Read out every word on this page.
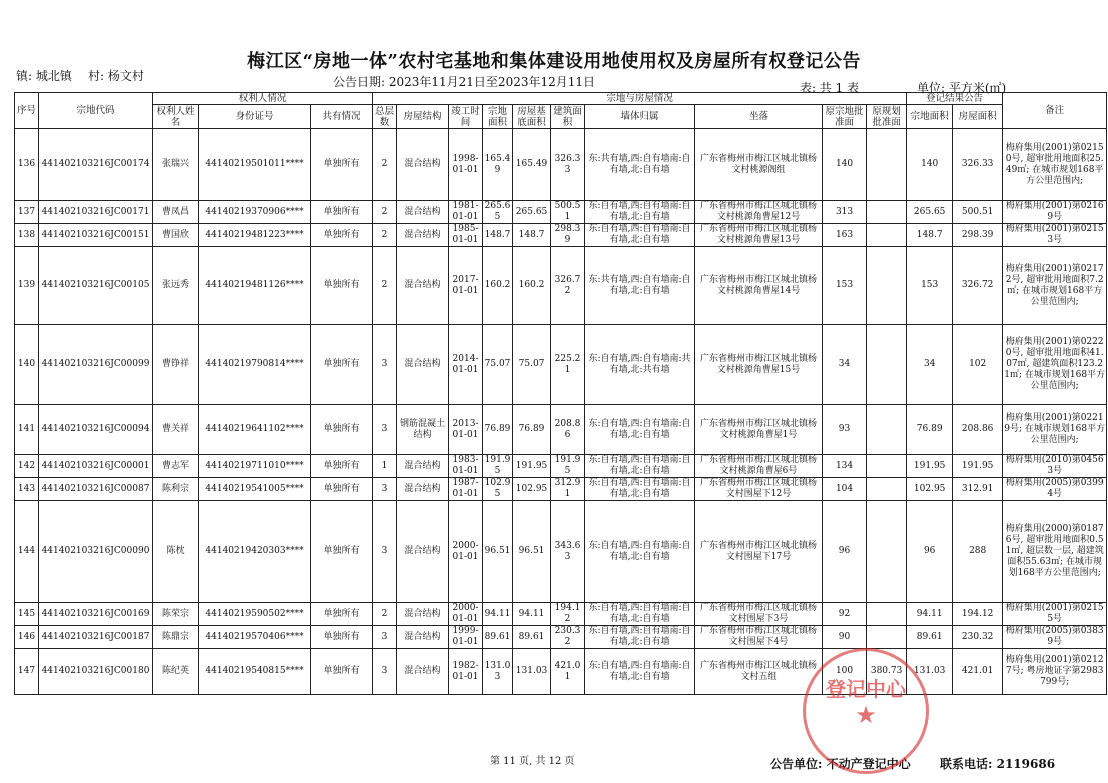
梅江区“房地一体”农村宅基地和集体建设用地使用权及房屋所有权登记公告
镇: 城北镇 村: 杨文村	公告日期: 2023年11月21日至2023年12月11日	表: 共 1 表	单位: 平方米(㎡)
序号	宗地代码	权利人情况			宗地与房屋情况										登记结果公告		备注
		权利人姓名	身份证号	共有情况	总层数	房屋结构	竣工时间	宗地面积	房屋基底面积	建筑面积	墙体归属	坐落	原宗地批准面	原规划批准面	宗地面积	房屋面积	
136	441402103216JC00174	张瑞兴	44140219501011****	单独所有	2	混合结构	1998-01-01	165.49	165.49	326.33	东:共有墙,西:自有墙南:自有墙,北:自有墙	广东省梅州市梅江区城北镇杨文村桃源阁组	140		140	326.33	梅府集用(2001)第02150号, 超审批用地面积25.49㎡; 在城市规划168平方公里范围内;
137	441402103216JC00171	曹凤昌	44140219370906****	单独所有	2	混合结构	1981-01-01	265.65	265.65	500.51	东:自有墙,西:自有墙南:自有墙,北:自有墙	广东省梅州市梅江区城北镇杨文村桃源角曹屋12号	313		265.65	500.51	梅府集用(2001)第02169号
138	441402103216JC00151	曹国欣	44140219481223****	单独所有	2	混合结构	1985-01-01	148.7	148.7	298.39	东:自有墙,西:自有墙南:自有墙,北:自有墙	广东省梅州市梅江区城北镇杨文村桃源角曹屋13号	163		148.7	298.39	梅府集用(2001)第02153号
139	441402103216JC00105	张远秀	44140219481126****	单独所有	2	混合结构	2017-01-01	160.2	160.2	326.72	东:共有墙,西:自有墙南:自有墙,北:自有墙	广东省梅州市梅江区城北镇杨文村桃源角曹屋14号	153		153	326.72	梅府集用(2001)第02172号, 超审批用地面积7.2㎡; 在城市规划168平方公里范围内;
140	441402103216JC00099	曹铮祥	44140219790814****	单独所有	3	混合结构	2014-01-01	75.07	75.07	225.21	东:自有墙,西:自有墙南:共有墙,北:共有墙	广东省梅州市梅江区城北镇杨文村桃源角曹屋15号	34		34	102	梅府集用(2001)第02220号, 超审批用地面积41.07㎡, 超建筑面积123.21㎡; 在城市规划168平方公里范围内;
141	441402103216JC00094	曹关祥	44140219641102****	单独所有	3	钢筋混凝土结构	2013-01-01	76.89	76.89	208.86	东:自有墙,西:自有墙南:自有墙,北:自有墙	广东省梅州市梅江区城北镇杨文村桃源角曹屋1号	93		76.89	208.86	梅府集用(2001)第02219号; 在城市规划168平方公里范围内;
142	441402103216JC00001	曹志军	44140219711010****	单独所有	1	混合结构	1983-01-01	191.95	191.95	191.95	东:自有墙,西:自有墙南:自有墙,北:自有墙	广东省梅州市梅江区城北镇杨文村桃源角曹屋6号	134		191.95	191.95	梅府集用(2010)第04563号
143	441402103216JC00087	陈利宗	44140219541005****	单独所有	3	混合结构	1987-01-01	102.95	102.95	312.91	东:自有墙,西:自有墙南:自有墙,北:自有墙	广东省梅州市梅江区城北镇杨文村围屋下12号	104		102.95	312.91	梅府集用(2005)第03994号
144	441402103216JC00090	陈枕	44140219420303****	单独所有	3	混合结构	2000-01-01	96.51	96.51	343.63	东:自有墙,西:自有墙南:自有墙,北:自有墙	广东省梅州市梅江区城北镇杨文村围屋下17号	96		96	288	梅府集用(2000)第01876号, 超审批用地面积0.51㎡, 超层数一层, 超建筑面积55.63㎡; 在城市规划168平方公里范围内;
145	441402103216JC00169	陈荣宗	44140219590502****	单独所有	2	混合结构	2000-01-01	94.11	94.11	194.12	东:自有墙,西:自有墙南:自有墙,北:自有墙	广东省梅州市梅江区城北镇杨文村围屋下3号	92		94.11	194.12	梅府集用(2001)第02155号
146	441402103216JC00187	陈鼎宗	44140219570406****	单独所有	3	混合结构	1999-01-01	89.61	89.61	230.32	东:自有墙,西:自有墙南:自有墙,北:自有墙	广东省梅州市梅江区城北镇杨文村围屋下4号	90		89.61	230.32	梅府集用(2005)第03839号
147	441402103216JC00180	陈纪英	44140219540815****	单独所有	3	混合结构	1982-01-01	131.03	131.03	421.01	东:自有墙,西:自有墙南:自有墙,北:自有墙	广东省梅州市梅江区城北镇杨文村五组	100	380.73	131.03	421.01	梅府集用(2001)第02127号; 粤房地证字第2983799号;
第 11 页, 共 12 页	公告单位: 不动产登记中心 联系电话: 2119686
登记中心
★
